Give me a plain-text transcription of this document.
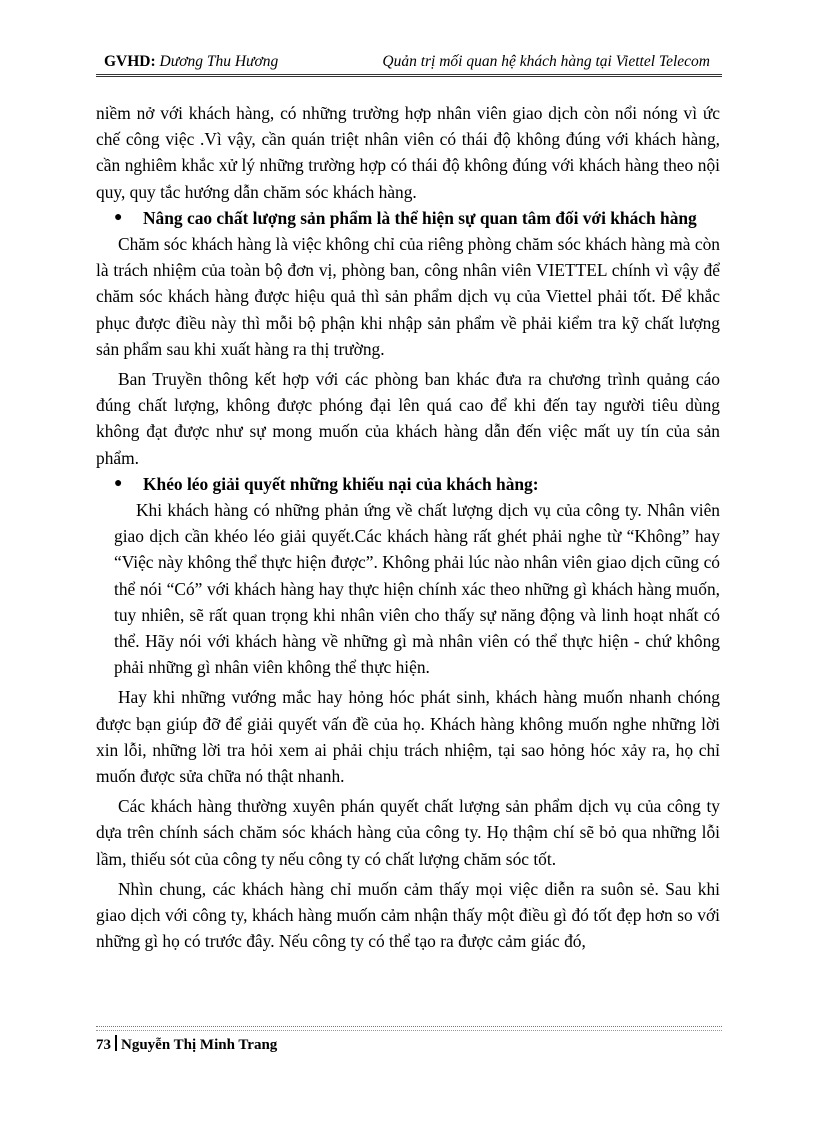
GVHD: Dương Thu Hương	Quản trị mối quan hệ khách hàng tại Viettel Telecom

niềm nở với khách hàng, có những trường hợp nhân viên giao dịch còn nổi nóng vì ức chế công việc .Vì vậy, cần quán triệt nhân viên có thái độ không đúng với khách hàng, cần nghiêm khắc xử lý những trường hợp có thái độ không đúng với khách hàng theo nội quy, quy tắc hướng dẫn chăm sóc khách hàng.

● Nâng cao chất lượng sản phẩm là thể hiện sự quan tâm đối với khách hàng

Chăm sóc khách hàng là việc không chỉ của riêng phòng chăm sóc khách hàng mà còn là trách nhiệm của toàn bộ đơn vị, phòng ban, công nhân viên VIETTEL chính vì vậy để chăm sóc khách hàng được hiệu quả thì sản phẩm dịch vụ của Viettel phải tốt. Để khắc phục được điều này thì mỗi bộ phận khi nhập sản phẩm về phải kiểm tra kỹ chất lượng sản phẩm sau khi xuất hàng ra thị trường.

Ban Truyền thông kết hợp với các phòng ban khác đưa ra chương trình quảng cáo đúng chất lượng, không được phóng đại lên quá cao để khi đến tay người tiêu dùng không đạt được như sự mong muốn của khách hàng dẫn đến việc mất uy tín của sản phẩm.

● Khéo léo giải quyết những khiếu nại của khách hàng:

Khi khách hàng có những phản ứng về chất lượng dịch vụ của công ty. Nhân viên giao dịch cần khéo léo giải quyết.Các khách hàng rất ghét phải nghe từ “Không” hay “Việc này không thể thực hiện được”. Không phải lúc nào nhân viên giao dịch cũng có thể nói “Có” với khách hàng hay thực hiện chính xác theo những gì khách hàng muốn, tuy nhiên, sẽ rất quan trọng khi nhân viên cho thấy sự năng động và linh hoạt nhất có thể. Hãy nói với khách hàng về những gì mà nhân viên có thể thực hiện - chứ không phải những gì nhân viên không thể thực hiện.

Hay khi những vướng mắc hay hỏng hóc phát sinh, khách hàng muốn nhanh chóng được bạn giúp đỡ để giải quyết vấn đề của họ. Khách hàng không muốn nghe những lời xin lỗi, những lời tra hỏi xem ai phải chịu trách nhiệm, tại sao hỏng hóc xảy ra, họ chỉ muốn được sửa chữa nó thật nhanh.

Các khách hàng thường xuyên phán quyết chất lượng sản phẩm dịch vụ của công ty dựa trên chính sách chăm sóc khách hàng của công ty. Họ thậm chí sẽ bỏ qua những lỗi lầm, thiếu sót của công ty nếu công ty có chất lượng chăm sóc tốt.

Nhìn chung, các khách hàng chỉ muốn cảm thấy mọi việc diễn ra suôn sẻ. Sau khi giao dịch với công ty, khách hàng muốn cảm nhận thấy một điều gì đó tốt đẹp hơn so với những gì họ có trước đây. Nếu công ty có thể tạo ra được cảm giác đó,

73 Nguyễn Thị Minh Trang
